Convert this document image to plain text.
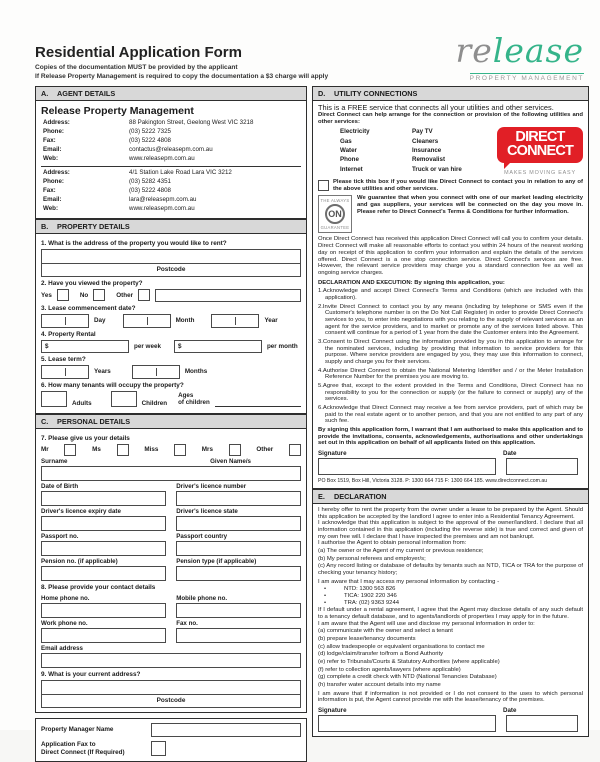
Residential Application Form
Copies of the documentation MUST be provided by the applicant
If Release Property Management is required to copy the documentation a $3 charge will apply
release
PROPERTY MANAGEMENT
A.	AGENT DETAILS
Release Property Management
Address:	88 Pakington Street, Geelong West VIC 3218
Phone:	(03) 5222 7325
Fax:	(03) 5222 4808
Email:	contactus@releasepm.com.au
Web:	www.releasepm.com.au
Address:	4/1 Station Lake Road Lara VIC 3212
Phone:	(03) 5282 4351
Fax:	(03) 5222 4808
Email:	lara@releasepm.com.au
Web:	www.releasepm.com.au
B.	PROPERTY DETAILS
1. What is the address of the property you would like to rent?
Postcode
2. Have you viewed the property?
Yes	No	Other
3. Lease commencement date?
Day	Month	Year
4. Property Rental
$	per week	$	per month
5. Lease term?
Years	Months
6. How many tenants will occupy the property?
Adults	Children
Ages
of children
C.	PERSONAL DETAILS
7. Please give us your details
Mr	Ms	Miss	Mrs	Other
Surname	Given Name/s
Date of Birth	Driver's licence number
Driver's licence expiry date	Driver's licence state
Passport no.	Passport country
Pension no. (if applicable)	Pension type (if applicable)
8. Please provide your contact details
Home phone no.	Mobile phone no.
Work phone no.	Fax no.
Email address
9. What is your current address?
Postcode
Property Manager Name
Application Fax to
Direct Connect (If Required)
D.	UTILITY CONNECTIONS
This is a FREE service that connects all your utilities and other services.
Direct Connect can help arrange for the connection or provision of the following utilities and other services:
Electricity
Gas
Water
Phone
Internet
Pay TV
Cleaners
Insurance
Removalist
Truck or van hire
DIRECT
CONNECT
MAKES MOVING EASY
Please tick this box if you would like Direct Connect to contact you in relation to any of the above utilities and other services.
THE ALWAYS
ON
GUARANTEE
We guarantee that when you connect with one of our market leading electricity and gas suppliers, your services will be connected on the day you move in. Please refer to Direct Connect's Terms & Conditions for further information.
Once Direct Connect has received this application Direct Connect will call you to confirm your details. Direct Connect will make all reasonable efforts to contact you within 24 hours of the nearest working day on receipt of this application to confirm your information and explain the details of the services offered. Direct Connect is a one stop connection service. Direct Connect's services are free. However, the relevant service providers may charge you a standard connection fee as well as ongoing service charges.
DECLARATION AND EXECUTION: By signing this application, you:
1.Acknowledge and accept Direct Connect's Terms and Conditions (which are included with this application).
2.Invite Direct Connect to contact you by any means (including by telephone or SMS even if the Customer's telephone number is on the Do Not Call Register) in order to provide Direct Connect's services to you, to enter into negotiations with you relating to the supply of relevant services as an agent for the service providers, and to market or promote any of the services listed above. This consent will continue for a period of 1 year from the date the Customer enters into the Agreement.
3.Consent to Direct Connect using the information provided by you in this application to arrange for the nominated services, including by providing that information to service providers for this purpose. Where service providers are engaged by you, they may use this information to connect, supply and charge you for their services.
4.Authorise Direct Connect to obtain the National Metering Identifier and / or the Meter Installation Reference Number for the premises you are moving to.
5.Agree that, except to the extent provided in the Terms and Conditions, Direct Connect has no responsibility to you for the connection or supply (or the failure to connect or supply) any of the services.
6.Acknowledge that Direct Connect may receive a fee from service providers, part of which may be paid to the real estate agent or to another person, and that you are not entitled to any part of any such fee.
By signing this application form, I warrant that I am authorised to make this application and to provide the invitations, consents, acknowledgements, authorisations and other undertakings set out in this application on behalf of all applicants listed on this application.
Signature	Date
PO Box 1519, Box Hill, Victoria 3128. P: 1300 664 715 F: 1300 664 185. www.directconnect.com.au
E.	DECLARATION
I hereby offer to rent the property from the owner under a lease to be prepared by the Agent. Should this application be accepted by the landlord I agree to enter into a Residential Tenancy Agreement.
I acknowledge that this application is subject to the approval of the owner/landlord. I declare that all information contained in this application (including the reverse side) is true and correct and given of my own free will. I declare that I have inspected the premises and am not bankrupt.
I authorise the Agent to obtain personal information from:
(a) The owner or the Agent of my current or previous residence;
(b) My personal referees and employer/s;
(c) Any record listing or database of defaults by tenants such as NTD, TICA or TRA for the purpose of checking your tenancy history;
I am aware that I may access my personal information by contacting -
• NTD: 1300 563 826
• TICA: 1902 220 346
• TRA: (02) 9363 9244
If I default under a rental agreement, I agree that the Agent may disclose details of any such default to a tenancy default database, and to agents/landlords of properties I may apply for in the future.
I am aware that the Agent will use and disclose my personal information in order to:
(a) communicate with the owner and select a tenant
(b) prepare lease/tenancy documents
(c) allow tradespeople or equivalent organisations to contact me
(d) lodge/claim/transfer to/from a Bond Authority
(e) refer to Tribunals/Courts & Statutory Authorities (where applicable)
(f) refer to collection agents/lawyers (where applicable)
(g) complete a credit check with NTD (National Tenancies Database)
(h) transfer water account details into my name
I am aware that if information is not provided or I do not consent to the uses to which personal information is put, the Agent cannot provide me with the lease/tenancy of the premises.
Signature	Date
